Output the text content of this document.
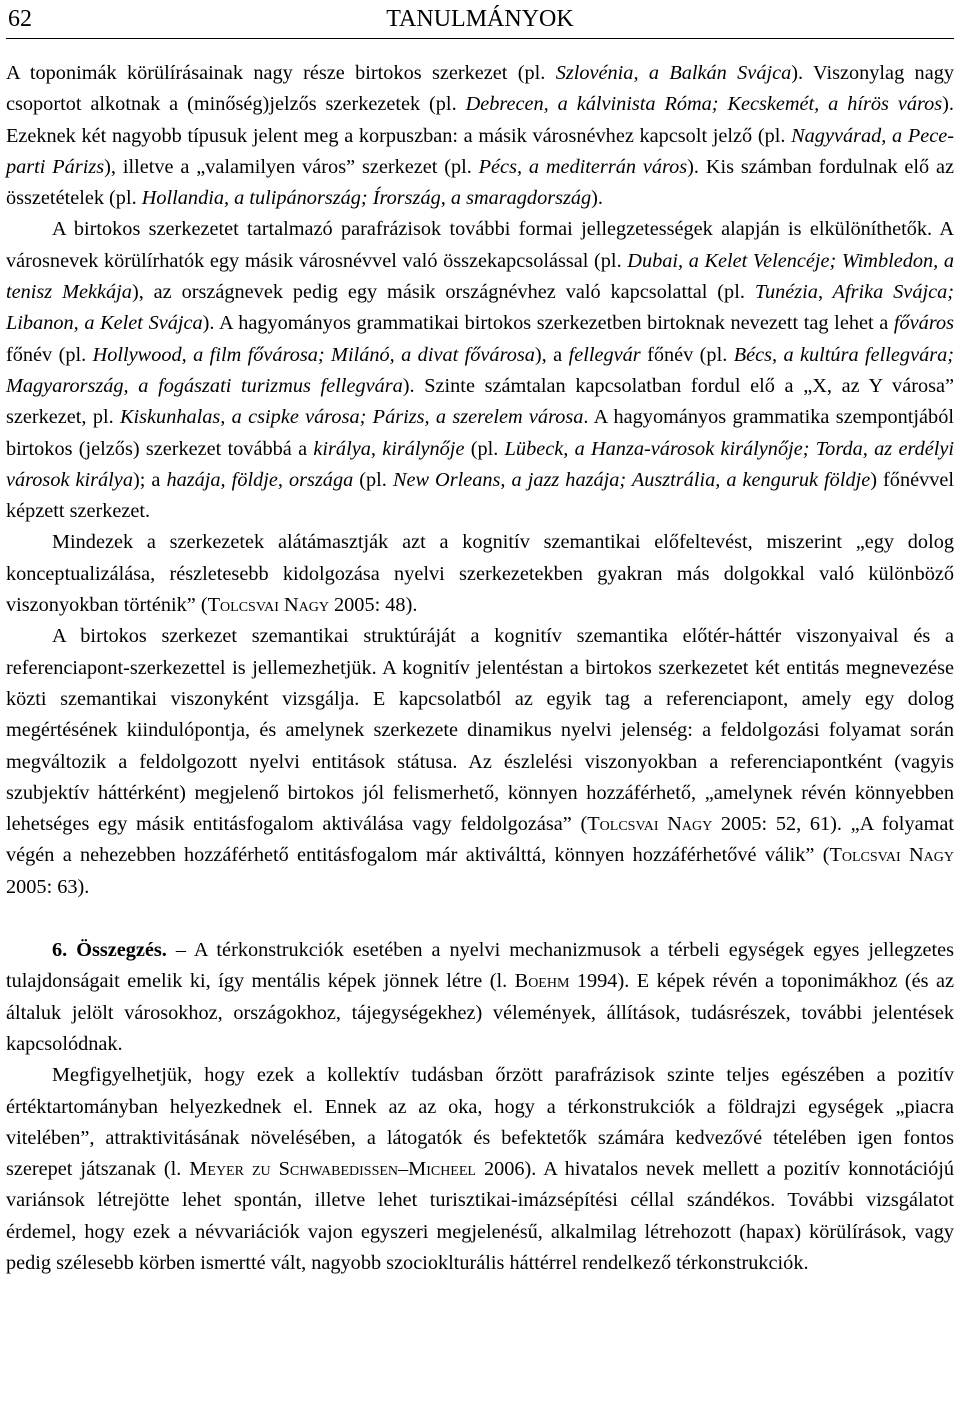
62	TANULMÁNYOK

A toponimák körülírásainak nagy része birtokos szerkezet (pl. Szlovénia, a Balkán Svájca). Viszonylag nagy csoportot alkotnak a (minőség)jelzős szerkezetek (pl. Debrecen, a kálvinista Róma; Kecskemét, a hírös város). Ezeknek két nagyobb típusuk jelent meg a korpuszban: a másik városnévhez kapcsolt jelző (pl. Nagyvárad, a Pece-parti Párizs), illetve a „valamilyen város” szerkezet (pl. Pécs, a mediterrán város). Kis számban fordulnak elő az összetételek (pl. Hollandia, a tulipánország; Írország, a smaragdország).

A birtokos szerkezetet tartalmazó parafrázisok további formai jellegzetességek alapján is elkülöníthetők. A városnevek körülírhatók egy másik városnévvel való összekapcsolással (pl. Dubai, a Kelet Velencéje; Wimbledon, a tenisz Mekkája), az országnevek pedig egy másik országnévhez való kapcsolattal (pl. Tunézia, Afrika Svájca; Libanon, a Kelet Svájca). A hagyományos grammatikai birtokos szerkezetben birtoknak nevezett tag lehet a főváros főnév (pl. Hollywood, a film fővárosa; Milánó, a divat fővárosa), a fellegvár főnév (pl. Bécs, a kultúra fellegvára; Magyarország, a fogászati turizmus fellegvára). Szinte számtalan kapcsolatban fordul elő a „X, az Y városa” szerkezet, pl. Kiskunhalas, a csipke városa; Párizs, a szerelem városa. A hagyományos grammatika szempontjából birtokos (jelzős) szerkezet továbbá a királya, királynője (pl. Lübeck, a Hanza-városok királynője; Torda, az erdélyi városok királya); a hazája, földje, országa (pl. New Orleans, a jazz hazája; Ausztrália, a kenguruk földje) főnévvel képzett szerkezet.

Mindezek a szerkezetek alátámasztják azt a kognitív szemantikai előfeltevést, miszerint „egy dolog konceptualizálása, részletesebb kidolgozása nyelvi szerkezetekben gyakran más dolgokkal való különböző viszonyokban történik” (Tolcsvai Nagy 2005: 48).

A birtokos szerkezet szemantikai struktúráját a kognitív szemantika előtér-háttér viszonyaival és a referenciapont-szerkezettel is jellemezhetjük. A kognitív jelentéstan a birtokos szerkezetet két entitás megnevezése közti szemantikai viszonyként vizsgálja. E kapcsolatból az egyik tag a referenciapont, amely egy dolog megértésének kiindulópontja, és amelynek szerkezete dinamikus nyelvi jelenség: a feldolgozási folyamat során megváltozik a feldolgozott nyelvi entitások státusa. Az észlelési viszonyokban a referenciapontként (vagyis szubjektív háttérként) megjelenő birtokos jól felismerhető, könnyen hozzáférhető, „amelynek révén könnyebben lehetséges egy másik entitásfogalom aktiválása vagy feldolgozása” (Tolcsvai Nagy 2005: 52, 61). „A folyamat végén a nehezebben hozzáférhető entitásfogalom már aktiválttá, könnyen hozzáférhetővé válik” (Tolcsvai Nagy 2005: 63).

6. Összegzés. – A térkonstrukciók esetében a nyelvi mechanizmusok a térbeli egységek egyes jellegzetes tulajdonságait emelik ki, így mentális képek jönnek létre (l. Boehm 1994). E képek révén a toponimákhoz (és az általuk jelölt városokhoz, országokhoz, tájegységekhez) vélemények, állítások, tudásrészek, további jelentések kapcsolódnak.

Megfigyelhetjük, hogy ezek a kollektív tudásban őrzött parafrázisok szinte teljes egészében a pozitív értéktartományban helyezkednek el. Ennek az az oka, hogy a térkonstrukciók a földrajzi egységek „piacra vitelében”, attraktivitásának növelésében, a látogatók és befektetők számára kedvezővé tételében igen fontos szerepet játszanak (l. Meyer zu Schwabedissen–Micheel 2006). A hivatalos nevek mellett a pozitív konnotációjú variánsok létrejötte lehet spontán, illetve lehet turisztikai-imázsépítési céllal szándékos. További vizsgálatot érdemel, hogy ezek a névvariációk vajon egyszeri megjelenésű, alkalmilag létrehozott (hapax) körülírások, vagy pedig szélesebb körben ismertté vált, nagyobb szocioklturális háttérrel rendelkező térkonstrukciók.
